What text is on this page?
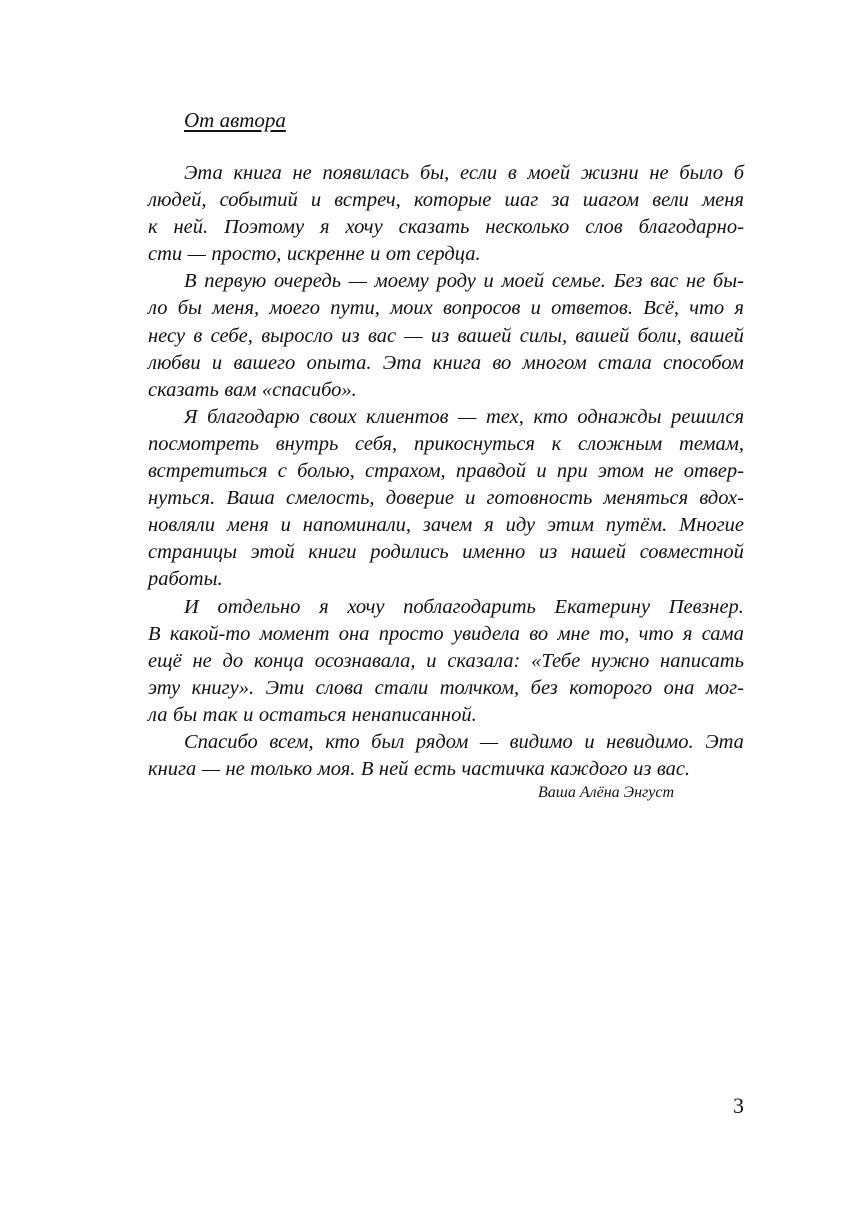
От автора
Эта книга не появилась бы, если в моей жизни не было б
людей, событий и встреч, которые шаг за шагом вели меня
к ней. Поэтому я хочу сказать несколько слов благодарно-
сти — просто, искренне и от сердца.
В первую очередь — моему роду и моей семье. Без вас не бы-
ло бы меня, моего пути, моих вопросов и ответов. Всё, что я
несу в себе, выросло из вас — из вашей силы, вашей боли, вашей
любви и вашего опыта. Эта книга во многом стала способом
сказать вам «спасибо».
Я благодарю своих клиентов — тех, кто однажды решился
посмотреть внутрь себя, прикоснуться к сложным темам,
встретиться с болью, страхом, правдой и при этом не отвер-
нуться. Ваша смелость, доверие и готовность меняться вдох-
новляли меня и напоминали, зачем я иду этим путём. Многие
страницы этой книги родились именно из нашей совместной
работы.
И отдельно я хочу поблагодарить Екатерину Певзнер.
В какой-то момент она просто увидела во мне то, что я сама
ещё не до конца осознавала, и сказала: «Тебе нужно написать
эту книгу». Эти слова стали толчком, без которого она мог-
ла бы так и остаться ненаписанной.
Спасибо всем, кто был рядом — видимо и невидимо. Эта
книга — не только моя. В ней есть частичка каждого из вас.

Ваша Алёна Энгуст

3
